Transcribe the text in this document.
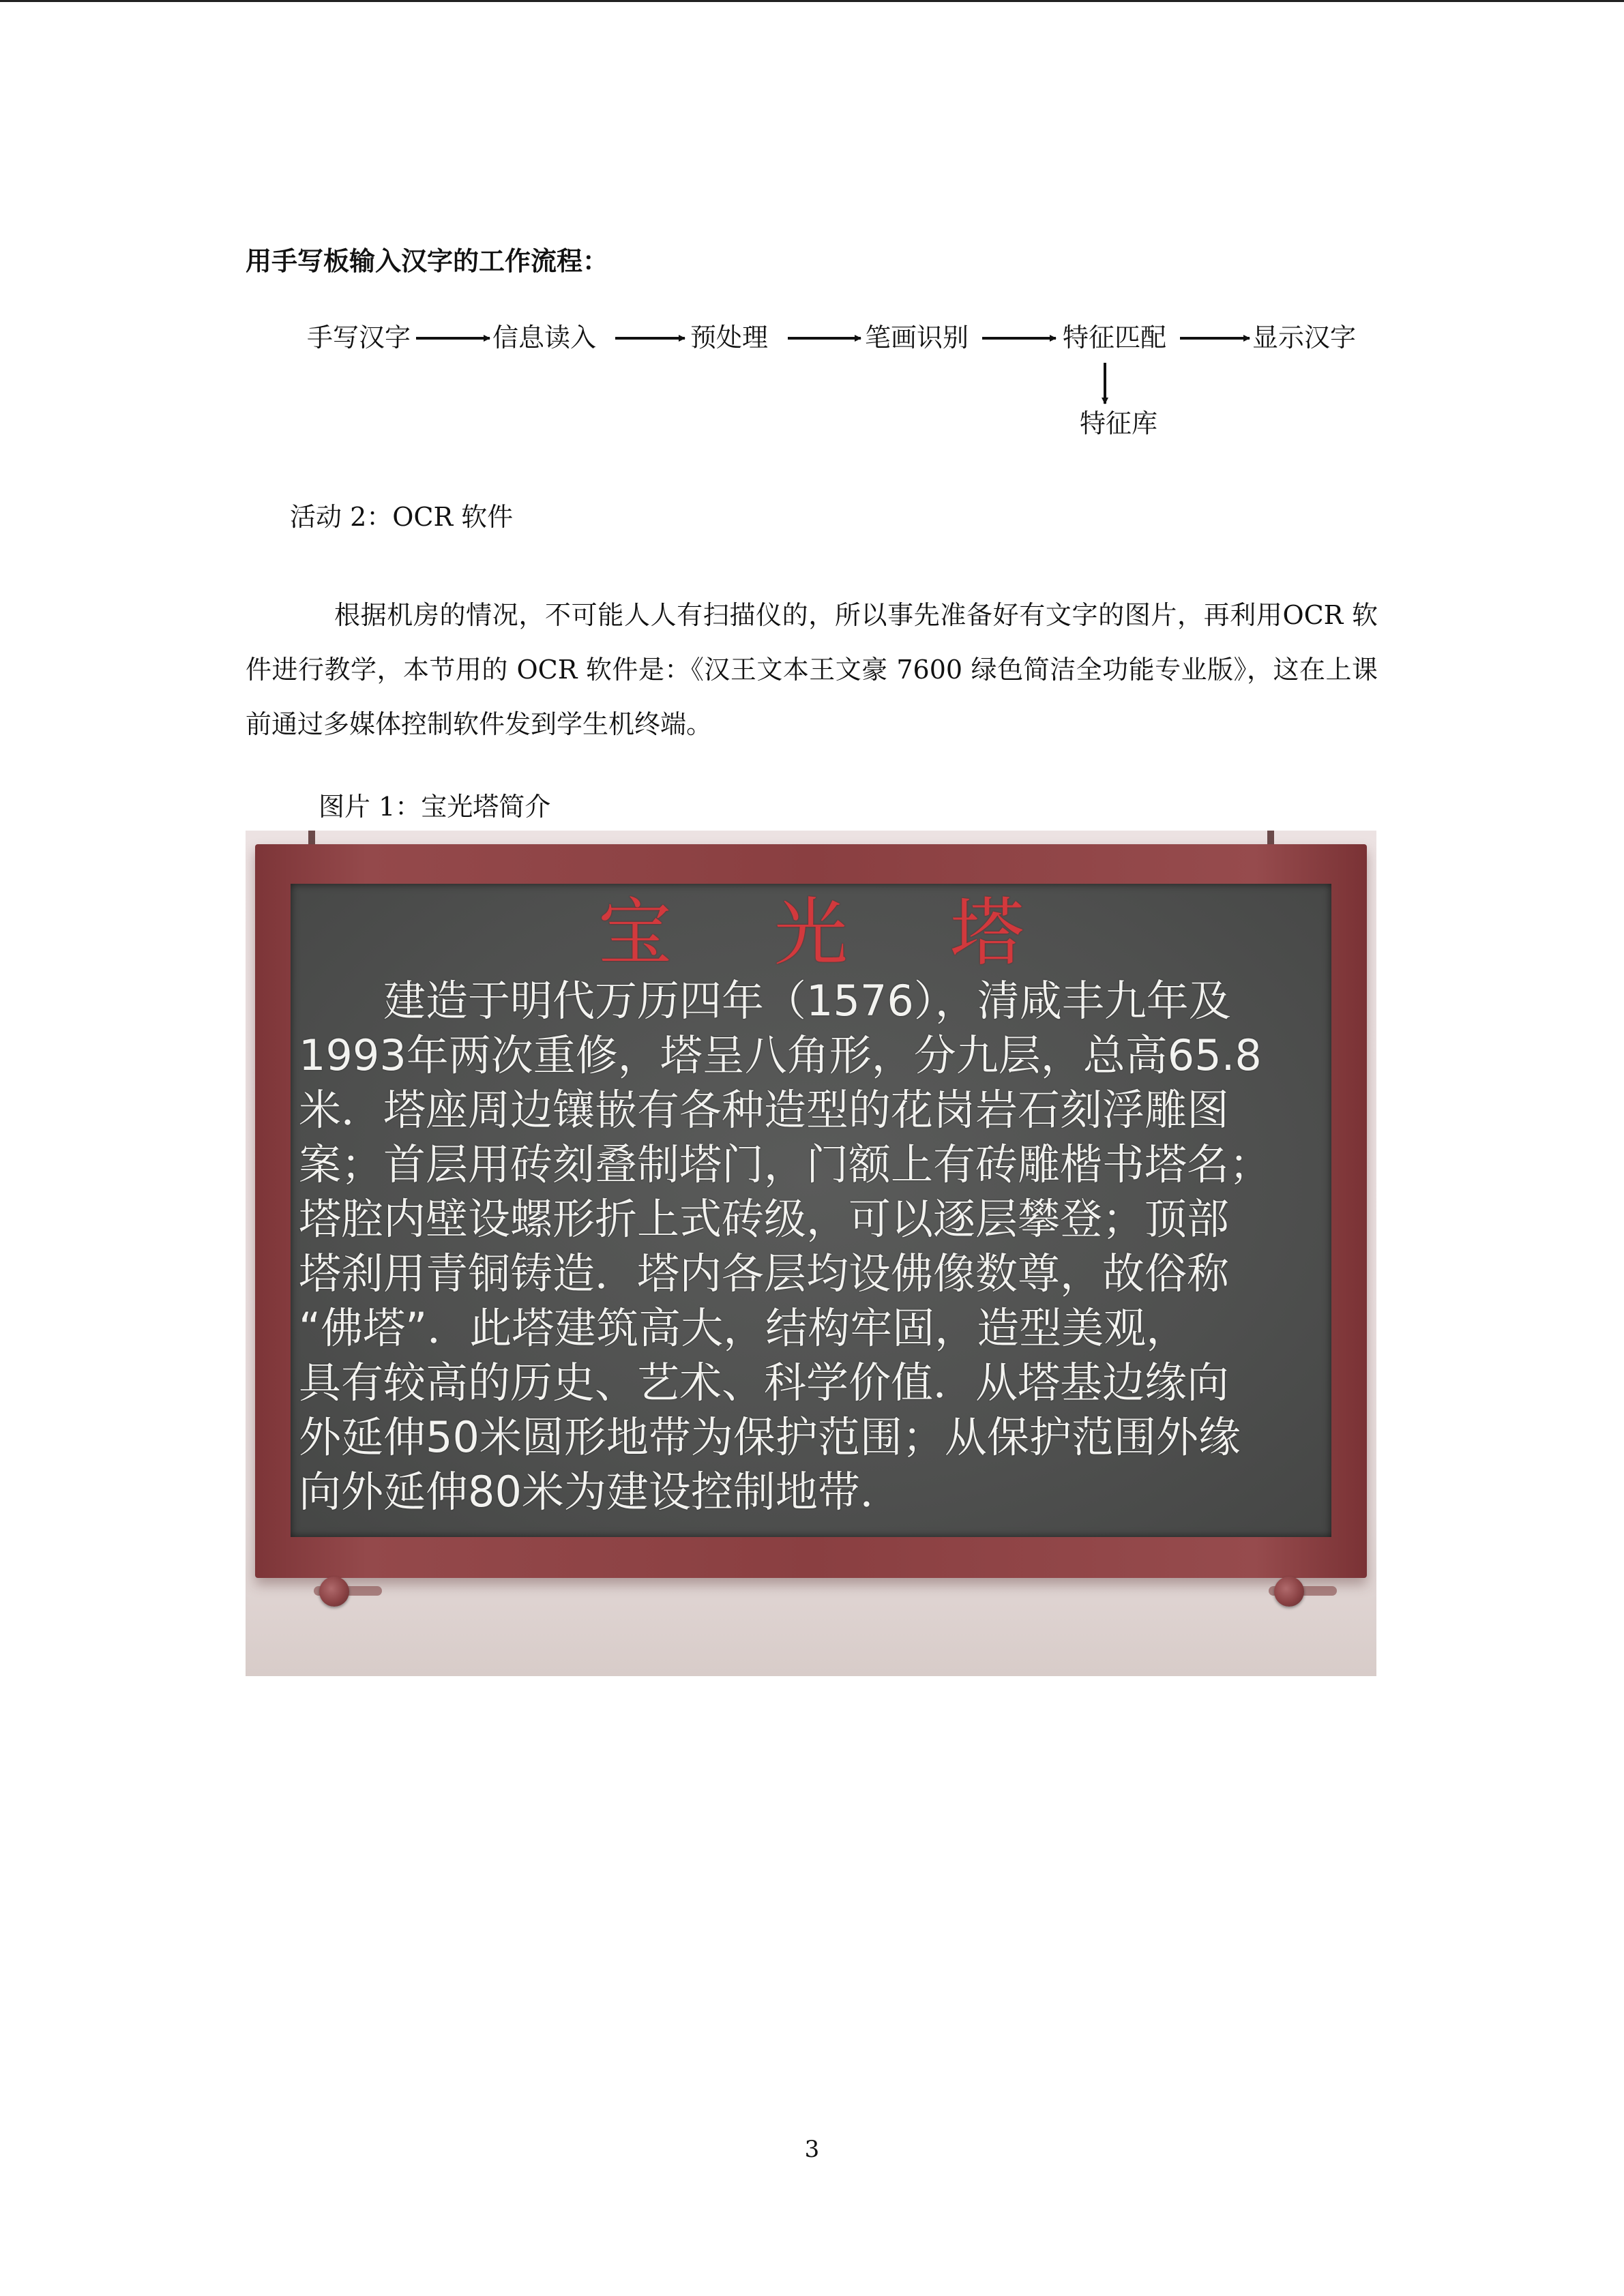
用手写板输入汉字的工作流程：
手写汉字	信息读入	预处理	笔画识别	特征匹配	显示汉字
特征库
活动 2：OCR 软件
根据机房的情况，不可能人人有扫描仪的，所以事先准备好有文字的图片，再利用OCR 软件进行教学，本节用的 OCR 软件是：《汉王文本王文豪 7600 绿色简洁全功能专业版》，这在上课前通过多媒体控制软件发到学生机终端。
图片 1：宝光塔简介
宝光塔
　　建造于明代万历四年（1576），清咸丰九年及
1993年两次重修，塔呈八角形，分九层，总高65.8
米．塔座周边镶嵌有各种造型的花岗岩石刻浮雕图
案；首层用砖刻叠制塔门，门额上有砖雕楷书塔名；
塔腔内壁设螺形折上式砖级，可以逐层攀登；顶部
塔刹用青铜铸造．塔内各层均设佛像数尊，故俗称
“佛塔”．此塔建筑高大，结构牢固，造型美观，
具有较高的历史、艺术、科学价值．从塔基边缘向
外延伸50米圆形地带为保护范围；从保护范围外缘
向外延伸80米为建设控制地带．
3
